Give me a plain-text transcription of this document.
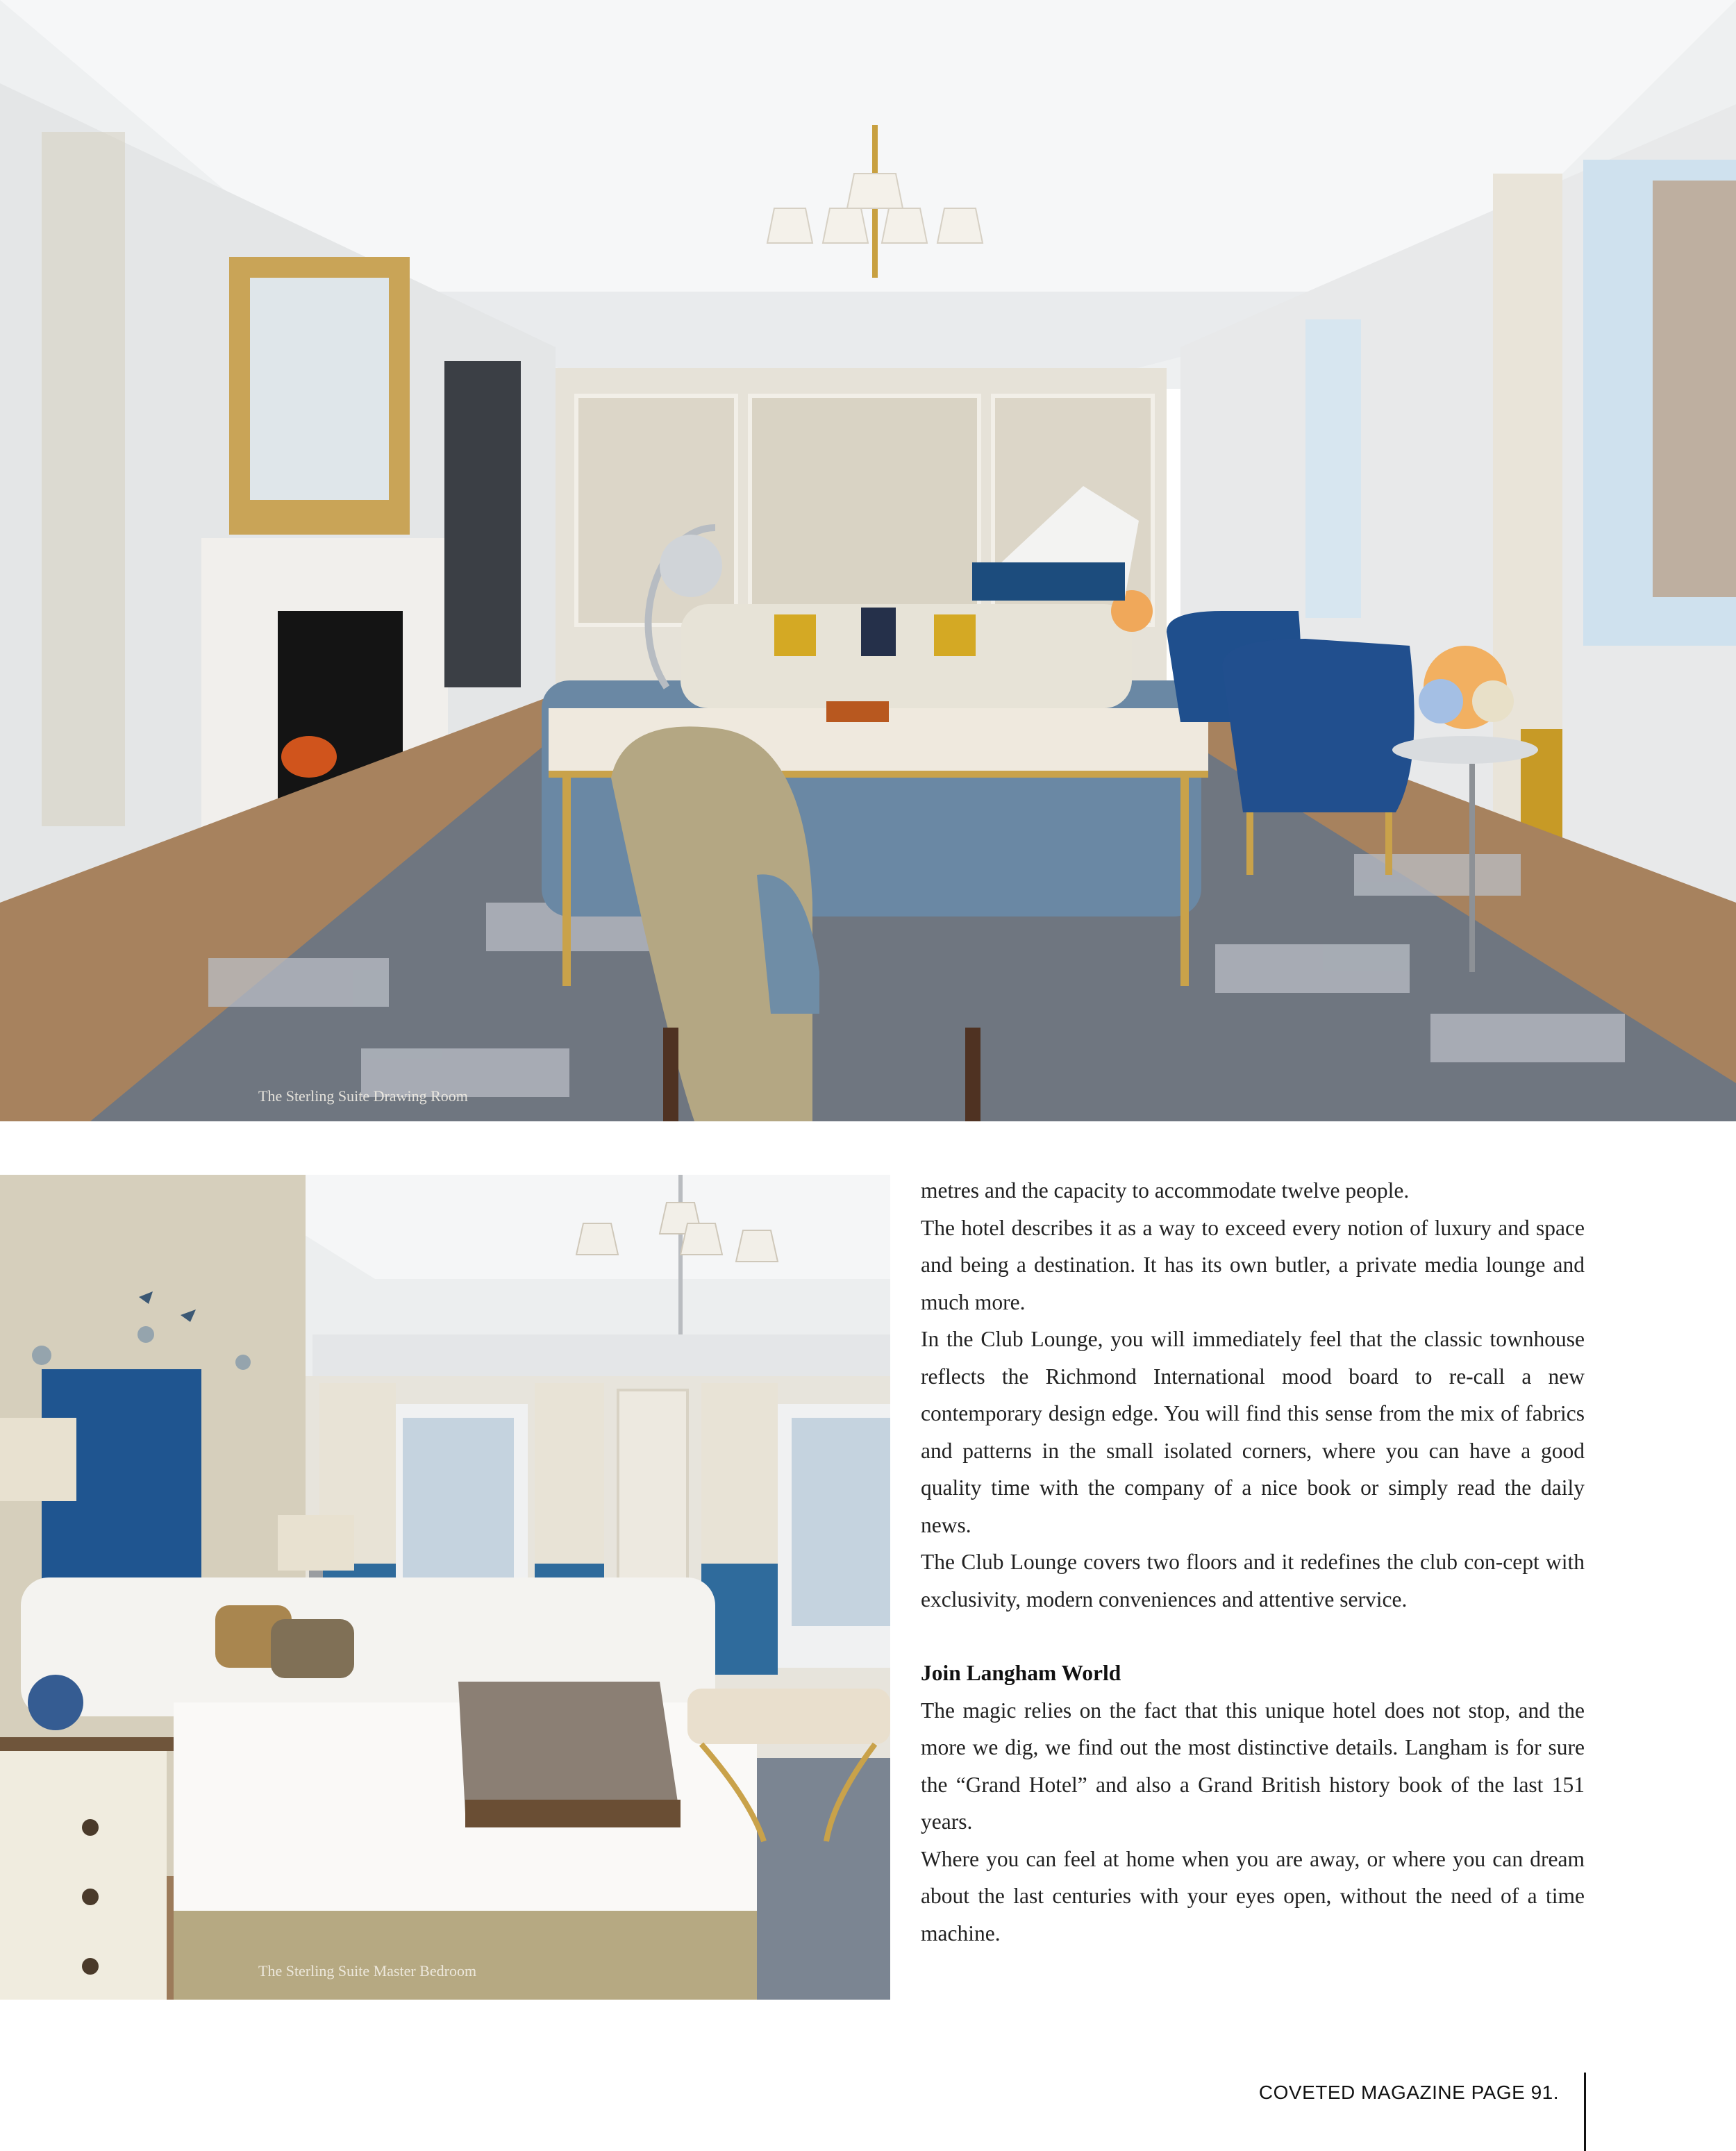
The Sterling Suite Drawing Room
The Sterling Suite Master Bedroom

metres and the capacity to accommodate twelve people.

The hotel describes it as a way to exceed every notion of luxury and space and being a destination. It has its own butler, a private media lounge and much more.

In the Club Lounge, you will immediately feel that the classic townhouse reflects the Richmond International mood board to re-call a new contemporary design edge. You will find this sense from the mix of fabrics and patterns in the small isolated corners, where you can have a good quality time with the company of a nice book or simply read the daily news.

The Club Lounge covers two floors and it redefines the club con-cept with exclusivity, modern conveniences and attentive service.

Join Langham World

The magic relies on the fact that this unique hotel does not stop, and the more we dig, we find out the most distinctive details. Langham is for sure the “Grand Hotel” and also a Grand British history book of the last 151 years.

Where you can feel at home when you are away, or where you can dream about the last centuries with your eyes open, without the need of a time machine.

COVETED MAGAZINE PAGE 91.
